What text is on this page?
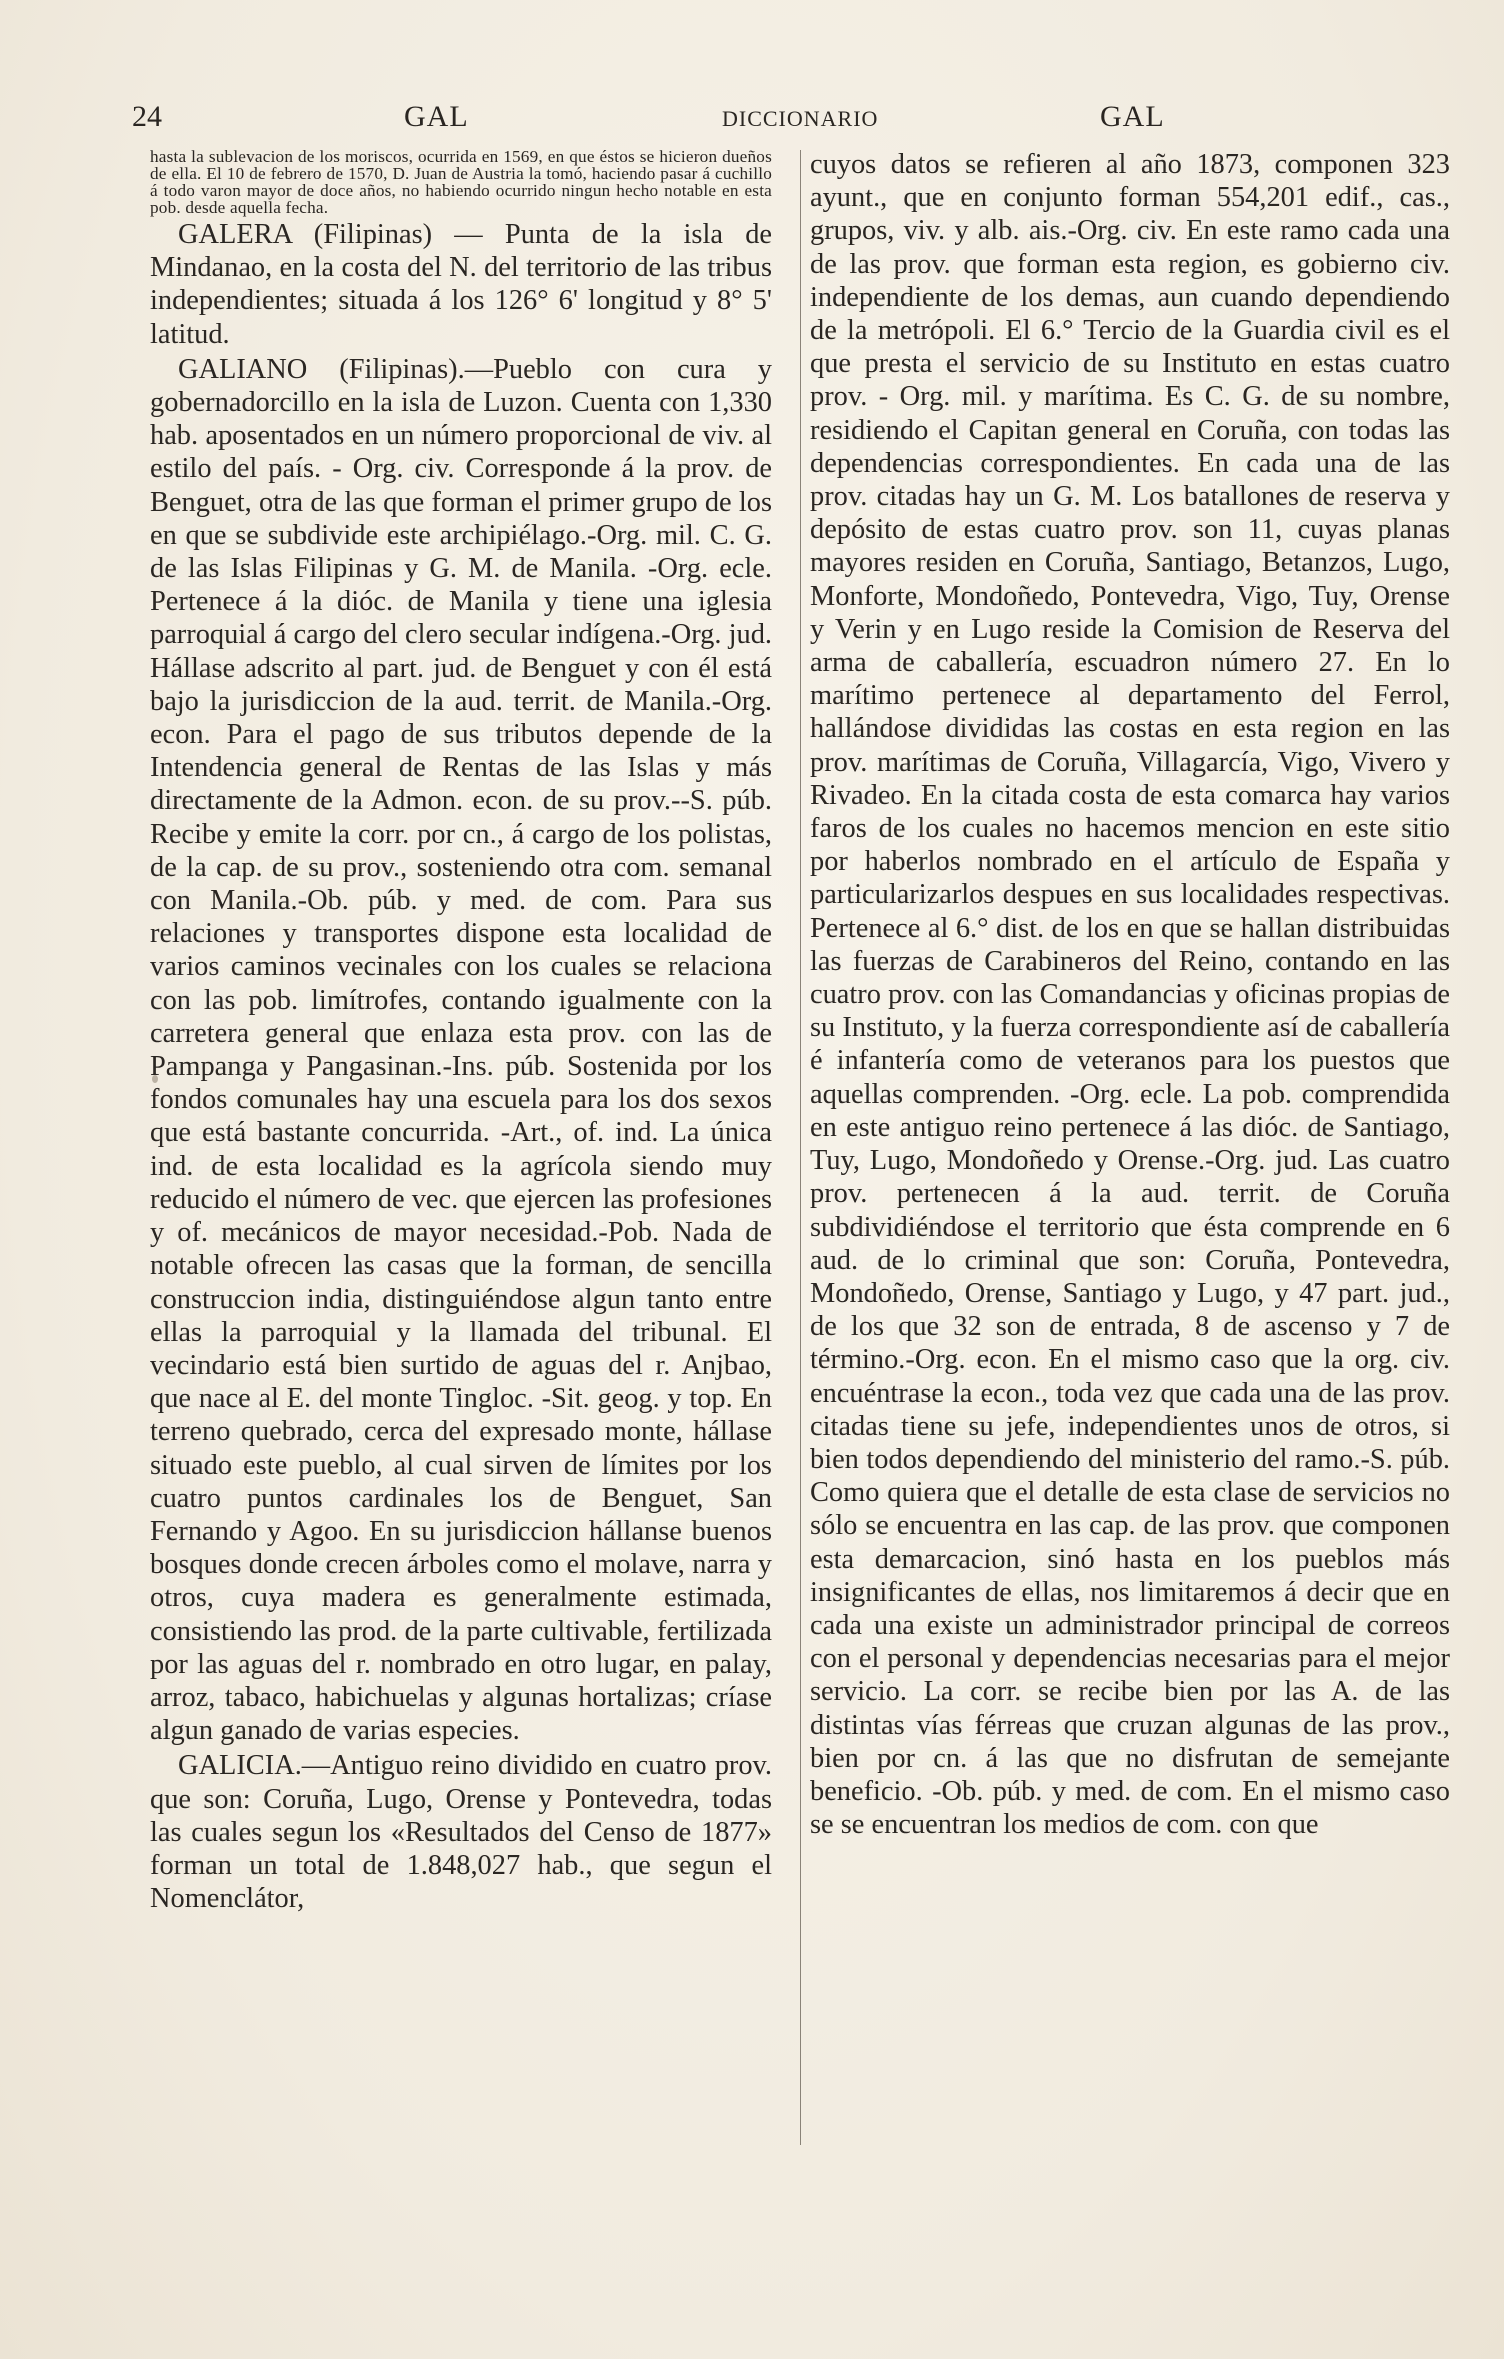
24	GAL	DICCIONARIO	GAL

hasta la sublevacion de los moriscos, ocurrida en 1569, en que éstos se hicieron dueños de ella. El 10 de febrero de 1570, D. Juan de Austria la tomó, haciendo pasar á cuchillo á todo varon mayor de doce años, no habiendo ocurrido ningun hecho notable en esta pob. desde aquella fecha.

GALERA (Filipinas) — Punta de la isla de Mindanao, en la costa del N. del territorio de las tribus independientes; situada á los 126° 6' longitud y 8° 5' latitud.

GALIANO (Filipinas).—Pueblo con cura y gobernadorcillo en la isla de Luzon. Cuenta con 1,330 hab. aposentados en un número proporcional de viv. al estilo del país. - Org. civ. Corresponde á la prov. de Benguet, otra de las que forman el primer grupo de los en que se subdivide este archipiélago.-Org. mil. C. G. de las Islas Filipinas y G. M. de Manila. -Org. ecle. Pertenece á la dióc. de Manila y tiene una iglesia parroquial á cargo del clero secular indígena.-Org. jud. Hállase adscrito al part. jud. de Benguet y con él está bajo la jurisdiccion de la aud. territ. de Manila.-Org. econ. Para el pago de sus tributos depende de la Intendencia general de Rentas de las Islas y más directamente de la Admon. econ. de su prov.--S. púb. Recibe y emite la corr. por cn., á cargo de los polistas, de la cap. de su prov., sosteniendo otra com. semanal con Manila.-Ob. púb. y med. de com. Para sus relaciones y transportes dispone esta localidad de varios caminos vecinales con los cuales se relaciona con las pob. limítrofes, contando igualmente con la carretera general que enlaza esta prov. con las de Pampanga y Pangasinan.-Ins. púb. Sostenida por los fondos comunales hay una escuela para los dos sexos que está bastante concurrida. -Art., of. ind. La única ind. de esta localidad es la agrícola siendo muy reducido el número de vec. que ejercen las profesiones y of. mecánicos de mayor necesidad.-Pob. Nada de notable ofrecen las casas que la forman, de sencilla construccion india, distinguiéndose algun tanto entre ellas la parroquial y la llamada del tribunal. El vecindario está bien surtido de aguas del r. Anjbao, que nace al E. del monte Tingloc. -Sit. geog. y top. En terreno quebrado, cerca del expresado monte, hállase situado este pueblo, al cual sirven de límites por los cuatro puntos cardinales los de Benguet, San Fernando y Agoo. En su jurisdiccion hállanse buenos bosques donde crecen árboles como el molave, narra y otros, cuya madera es generalmente estimada, consistiendo las prod. de la parte cultivable, fertilizada por las aguas del r. nombrado en otro lugar, en palay, arroz, tabaco, habichuelas y algunas hortalizas; críase algun ganado de varias especies.

GALICIA.—Antiguo reino dividido en cuatro prov. que son: Coruña, Lugo, Orense y Pontevedra, todas las cuales segun los «Resultados del Censo de 1877» forman un total de 1.848,027 hab., que segun el Nomenclátor,

cuyos datos se refieren al año 1873, componen 323 ayunt., que en conjunto forman 554,201 edif., cas., grupos, viv. y alb. ais.-Org. civ. En este ramo cada una de las prov. que forman esta region, es gobierno civ. independiente de los demas, aun cuando dependiendo de la metrópoli. El 6.° Tercio de la Guardia civil es el que presta el servicio de su Instituto en estas cuatro prov. - Org. mil. y marítima. Es C. G. de su nombre, residiendo el Capitan general en Coruña, con todas las dependencias correspondientes. En cada una de las prov. citadas hay un G. M. Los batallones de reserva y depósito de estas cuatro prov. son 11, cuyas planas mayores residen en Coruña, Santiago, Betanzos, Lugo, Monforte, Mondoñedo, Pontevedra, Vigo, Tuy, Orense y Verin y en Lugo reside la Comision de Reserva del arma de caballería, escuadron número 27. En lo marítimo pertenece al departamento del Ferrol, hallándose divididas las costas en esta region en las prov. marítimas de Coruña, Villagarcía, Vigo, Vivero y Rivadeo. En la citada costa de esta comarca hay varios faros de los cuales no hacemos mencion en este sitio por haberlos nombrado en el artículo de España y particularizarlos despues en sus localidades respectivas. Pertenece al 6.° dist. de los en que se hallan distribuidas las fuerzas de Carabineros del Reino, contando en las cuatro prov. con las Comandancias y oficinas propias de su Instituto, y la fuerza correspondiente así de caballería é infantería como de veteranos para los puestos que aquellas comprenden. -Org. ecle. La pob. comprendida en este antiguo reino pertenece á las dióc. de Santiago, Tuy, Lugo, Mondoñedo y Orense.-Org. jud. Las cuatro prov. pertenecen á la aud. territ. de Coruña subdividiéndose el territorio que ésta comprende en 6 aud. de lo criminal que son: Coruña, Pontevedra, Mondoñedo, Orense, Santiago y Lugo, y 47 part. jud., de los que 32 son de entrada, 8 de ascenso y 7 de término.-Org. econ. En el mismo caso que la org. civ. encuéntrase la econ., toda vez que cada una de las prov. citadas tiene su jefe, independientes unos de otros, si bien todos dependiendo del ministerio del ramo.-S. púb. Como quiera que el detalle de esta clase de servicios no sólo se encuentra en las cap. de las prov. que componen esta demarcacion, sinó hasta en los pueblos más insignificantes de ellas, nos limitaremos á decir que en cada una existe un administrador principal de correos con el personal y dependencias necesarias para el mejor servicio. La corr. se recibe bien por las A. de las distintas vías férreas que cruzan algunas de las prov., bien por cn. á las que no disfrutan de semejante beneficio. -Ob. púb. y med. de com. En el mismo caso se se encuentran los medios de com. con que
